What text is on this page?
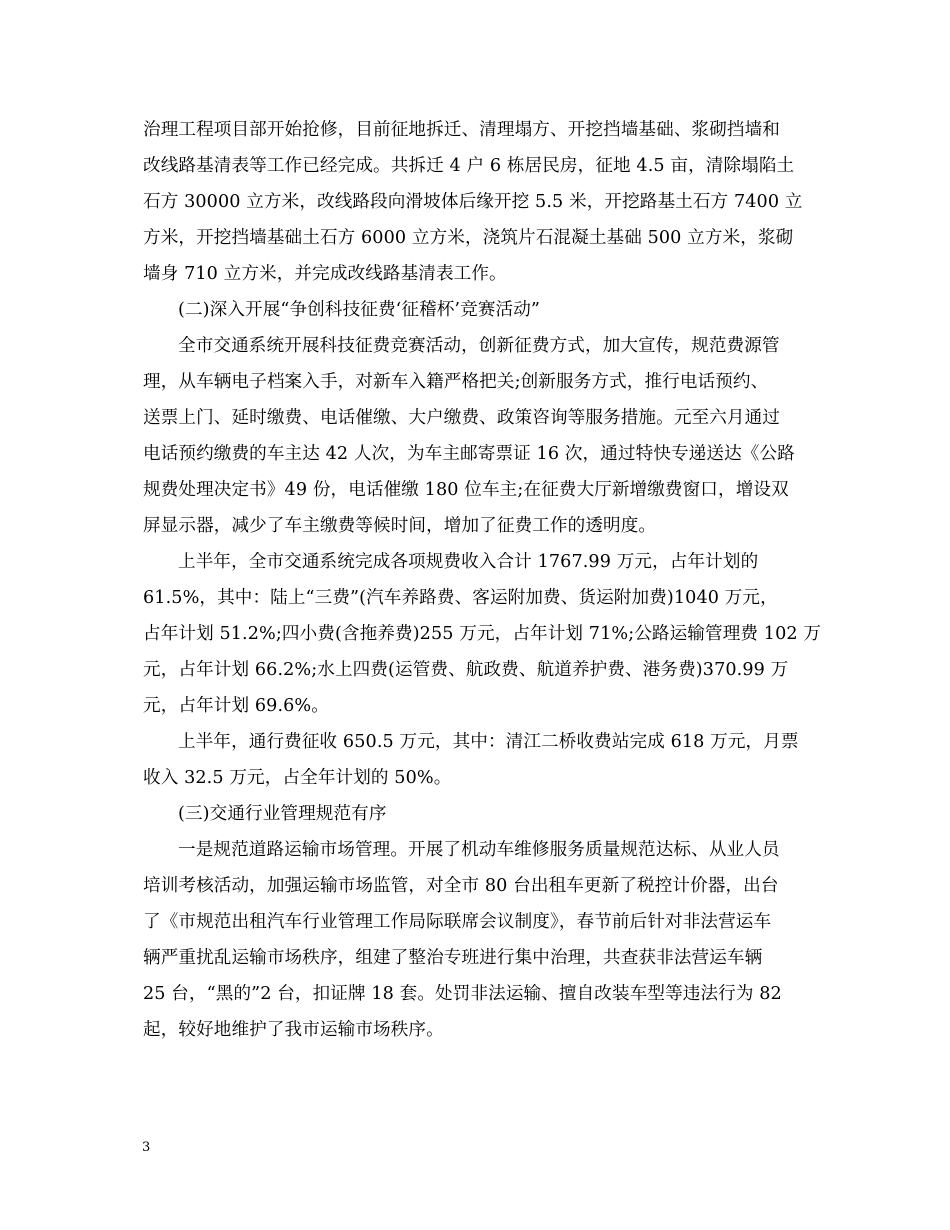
治理工程项目部开始抢修，目前征地拆迁、清理塌方、开挖挡墙基础、浆砌挡墙和
改线路基清表等工作已经完成。共拆迁 4 户 6 栋居民房，征地 4.5 亩，清除塌陷土
石方 30000 立方米，改线路段向滑坡体后缘开挖 5.5 米，开挖路基土石方 7400 立
方米，开挖挡墙基础土石方 6000 立方米，浇筑片石混凝土基础 500 立方米，浆砌
墙身 710 立方米，并完成改线路基清表工作。
(二)深入开展“争创科技征费‘征稽杯’竞赛活动”
全市交通系统开展科技征费竞赛活动，创新征费方式，加大宣传，规范费源管
理，从车辆电子档案入手，对新车入籍严格把关;创新服务方式，推行电话预约、
送票上门、延时缴费、电话催缴、大户缴费、政策咨询等服务措施。元至六月通过
电话预约缴费的车主达 42 人次，为车主邮寄票证 16 次，通过特快专递送达《公路
规费处理决定书》49 份，电话催缴 180 位车主;在征费大厅新增缴费窗口，增设双
屏显示器，减少了车主缴费等候时间，增加了征费工作的透明度。
上半年，全市交通系统完成各项规费收入合计 1767.99 万元，占年计划的
61.5%，其中：陆上“三费”(汽车养路费、客运附加费、货运附加费)1040 万元，
占年计划 51.2%;四小费(含拖养费)255 万元，占年计划 71%;公路运输管理费 102 万
元，占年计划 66.2%;水上四费(运管费、航政费、航道养护费、港务费)370.99 万
元，占年计划 69.6%。
上半年，通行费征收 650.5 万元，其中：清江二桥收费站完成 618 万元，月票
收入 32.5 万元，占全年计划的 50%。
(三)交通行业管理规范有序
一是规范道路运输市场管理。开展了机动车维修服务质量规范达标、从业人员
培训考核活动，加强运输市场监管，对全市 80 台出租车更新了税控计价器，出台
了《市规范出租汽车行业管理工作局际联席会议制度》，春节前后针对非法营运车
辆严重扰乱运输市场秩序，组建了整治专班进行集中治理，共查获非法营运车辆
25 台，“黑的”2 台，扣证牌 18 套。处罚非法运输、擅自改装车型等违法行为 82
起，较好地维护了我市运输市场秩序。
3
